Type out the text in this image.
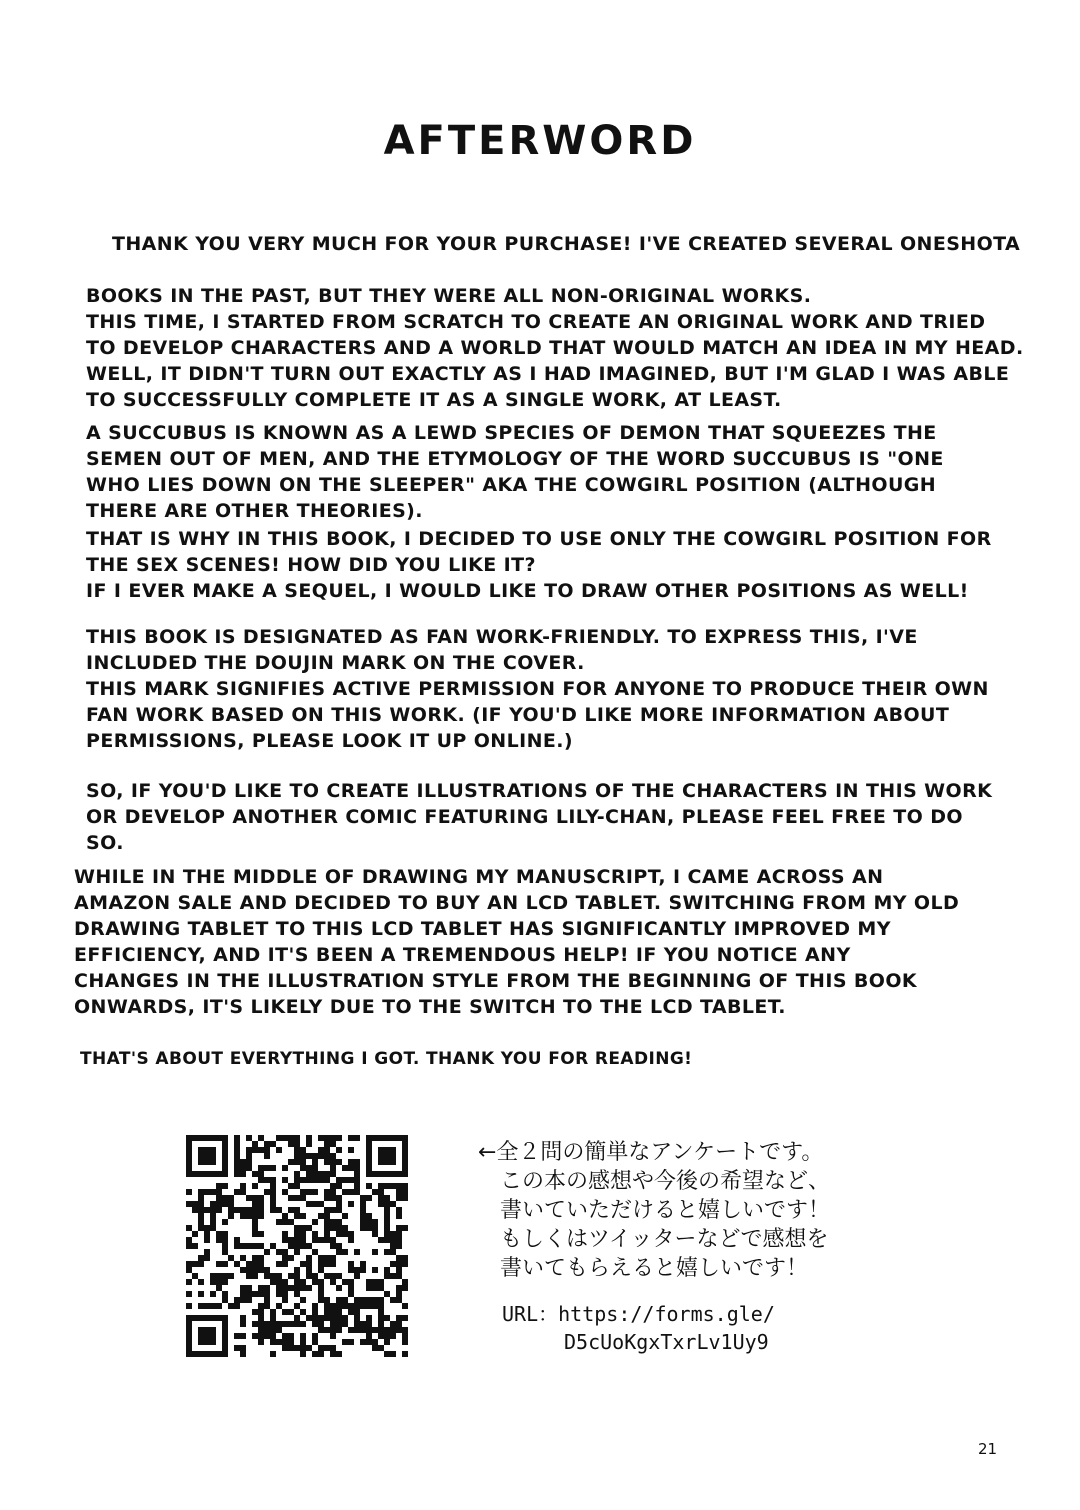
AFTERWORD
THANK YOU VERY MUCH FOR YOUR PURCHASE! I'VE CREATED SEVERAL ONESHOTA
BOOKS IN THE PAST, BUT THEY WERE ALL NON-ORIGINAL WORKS.
THIS TIME, I STARTED FROM SCRATCH TO CREATE AN ORIGINAL WORK AND TRIED
TO DEVELOP CHARACTERS AND A WORLD THAT WOULD MATCH AN IDEA IN MY HEAD.
WELL, IT DIDN'T TURN OUT EXACTLY AS I HAD IMAGINED, BUT I'M GLAD I WAS ABLE
TO SUCCESSFULLY COMPLETE IT AS A SINGLE WORK, AT LEAST.
A SUCCUBUS IS KNOWN AS A LEWD SPECIES OF DEMON THAT SQUEEZES THE
SEMEN OUT OF MEN, AND THE ETYMOLOGY OF THE WORD SUCCUBUS IS "ONE
WHO LIES DOWN ON THE SLEEPER" AKA THE COWGIRL POSITION (ALTHOUGH
THERE ARE OTHER THEORIES).
THAT IS WHY IN THIS BOOK, I DECIDED TO USE ONLY THE COWGIRL POSITION FOR
THE SEX SCENES! HOW DID YOU LIKE IT?
IF I EVER MAKE A SEQUEL, I WOULD LIKE TO DRAW OTHER POSITIONS AS WELL!
THIS BOOK IS DESIGNATED AS FAN WORK-FRIENDLY. TO EXPRESS THIS, I'VE
INCLUDED THE DOUJIN MARK ON THE COVER.
THIS MARK SIGNIFIES ACTIVE PERMISSION FOR ANYONE TO PRODUCE THEIR OWN
FAN WORK BASED ON THIS WORK. (IF YOU'D LIKE MORE INFORMATION ABOUT
PERMISSIONS, PLEASE LOOK IT UP ONLINE.)
SO, IF YOU'D LIKE TO CREATE ILLUSTRATIONS OF THE CHARACTERS IN THIS WORK
OR DEVELOP ANOTHER COMIC FEATURING LILY-CHAN, PLEASE FEEL FREE TO DO
SO.
WHILE IN THE MIDDLE OF DRAWING MY MANUSCRIPT, I CAME ACROSS AN
AMAZON SALE AND DECIDED TO BUY AN LCD TABLET. SWITCHING FROM MY OLD
DRAWING TABLET TO THIS LCD TABLET HAS SIGNIFICANTLY IMPROVED MY
EFFICIENCY, AND IT'S BEEN A TREMENDOUS HELP! IF YOU NOTICE ANY
CHANGES IN THE ILLUSTRATION STYLE FROM THE BEGINNING OF THIS BOOK
ONWARDS, IT'S LIKELY DUE TO THE SWITCH TO THE LCD TABLET.
THAT'S ABOUT EVERYTHING I GOT. THANK YOU FOR READING!
←全２問の簡単なアンケートです。
　この本の感想や今後の希望など、
　書いていただけると嬉しいです！
　もしくはツイッターなどで感想を
　書いてもらえると嬉しいです！
URL：https://forms.gle/
D5cUoKgxTxrLv1Uy9
21
